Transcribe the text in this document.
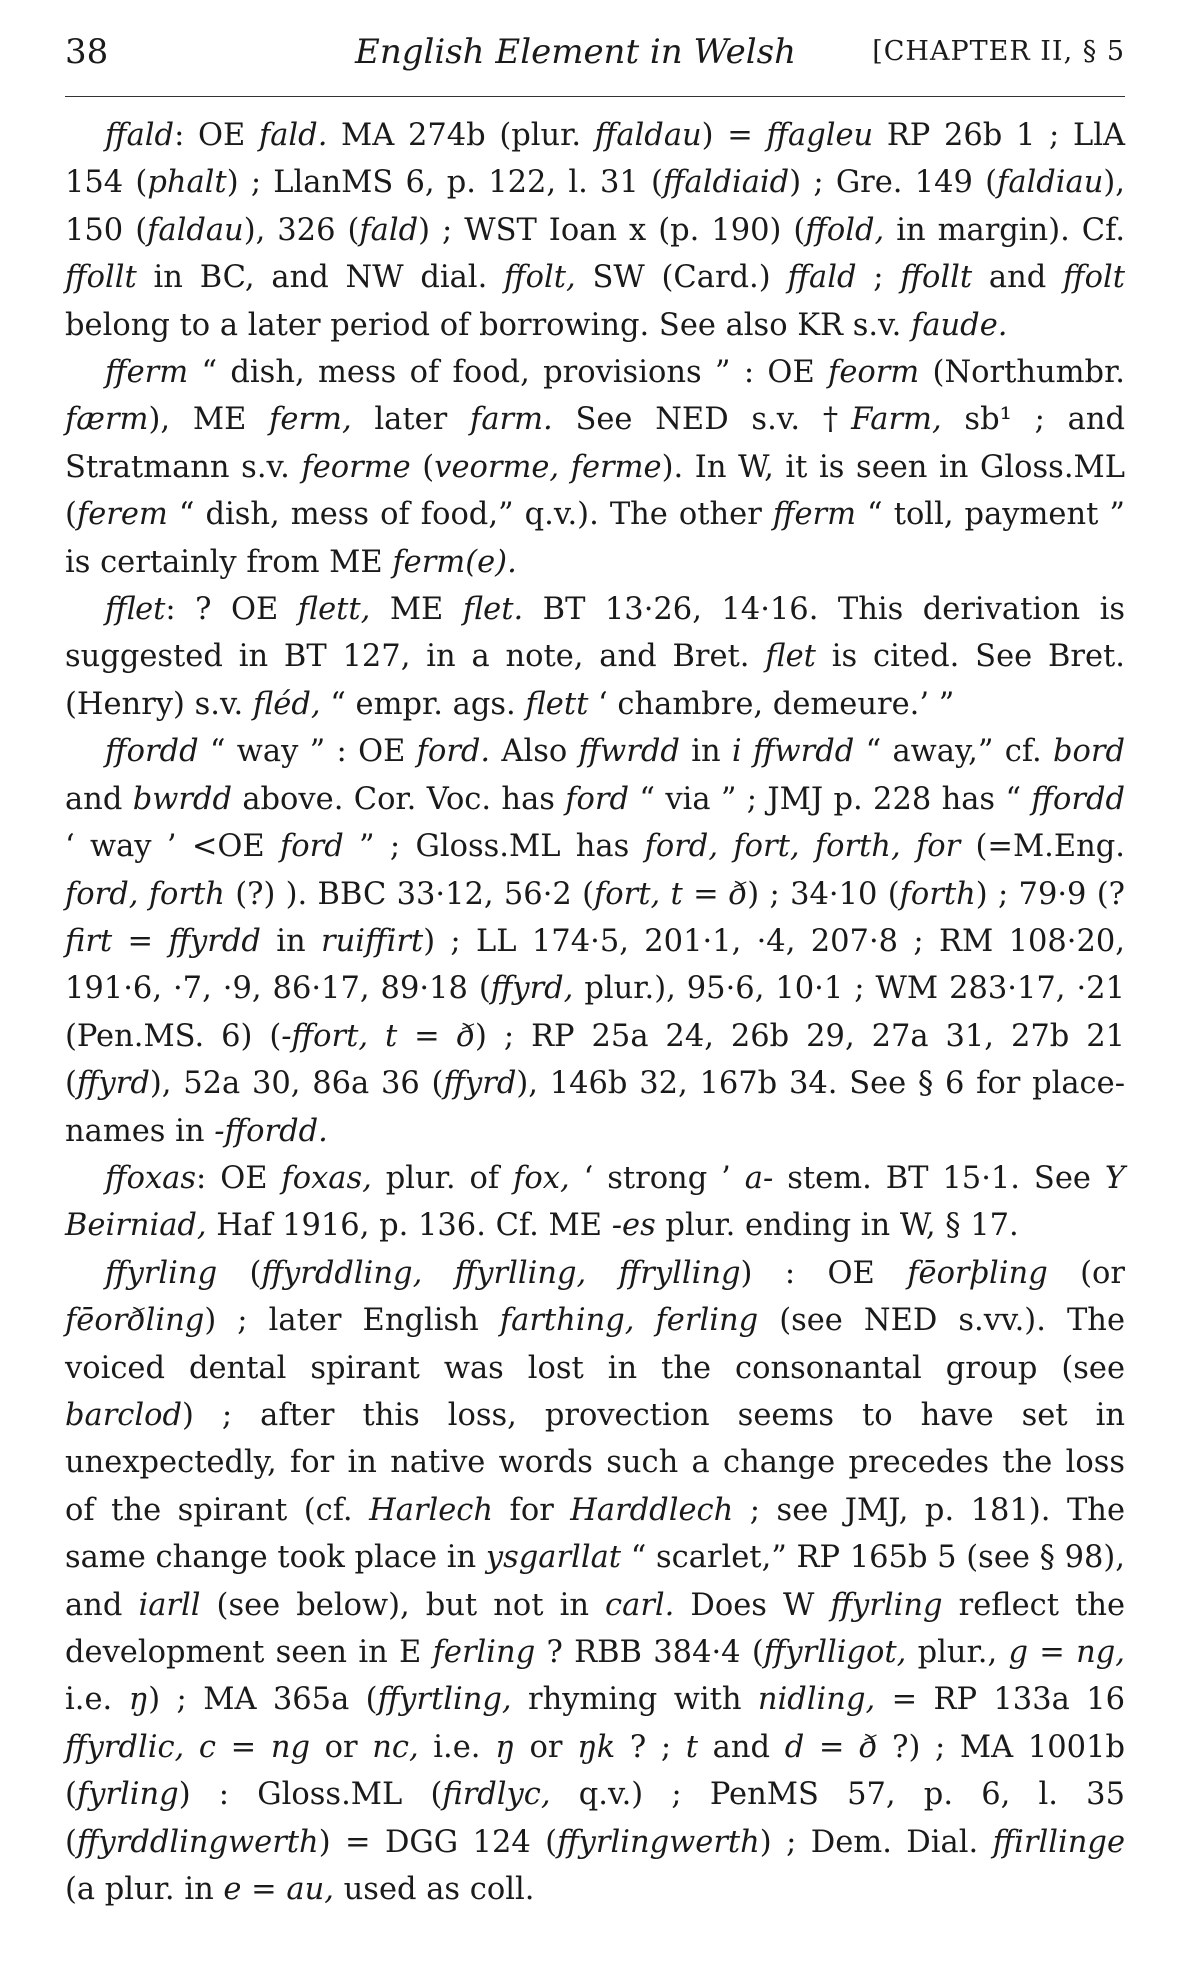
38	English Element in Welsh	[CHAPTER II, § 5

ffald: OE fald. MA 274b (plur. ffaldau) = ffagleu RP 26b 1 ; LlA 154 (phalt) ; LlanMS 6, p. 122, l. 31 (ffaldiaid) ; Gre. 149 (faldiau), 150 (faldau), 326 (fald) ; WST Ioan x (p. 190) (ffold, in margin). Cf. ffollt in BC, and NW dial. ffolt, SW (Card.) ffald ; ffollt and ffolt belong to a later period of borrowing. See also KR s.v. faude.

fferm “ dish, mess of food, provisions ” : OE feorm (Northumbr. færm), ME ferm, later farm. See NED s.v. †Farm, sb¹ ; and Stratmann s.v. feorme (veorme, ferme). In W, it is seen in Gloss.ML (ferem “ dish, mess of food,” q.v.). The other fferm “ toll, payment ” is certainly from ME ferm(e).

fflet: ? OE flett, ME flet. BT 13·26, 14·16. This derivation is suggested in BT 127, in a note, and Bret. flet is cited. See Bret. (Henry) s.v. fléd, “ empr. ags. flett ‘ chambre, demeure.’ ”

ffordd “ way ” : OE ford. Also ffwrdd in i ffwrdd “ away,” cf. bord and bwrdd above. Cor. Voc. has ford “ via ” ; JMJ p. 228 has “ ffordd ‘ way ’ <OE ford ” ; Gloss.ML has ford, fort, forth, for (=M.Eng. ford, forth (?) ). BBC 33·12, 56·2 (fort, t = ð) ; 34·10 (forth) ; 79·9 (? firt = ffyrdd in ruiffirt) ; LL 174·5, 201·1, ·4, 207·8 ; RM 108·20, 191·6, ·7, ·9, 86·17, 89·18 (ffyrd, plur.), 95·6, 10·1 ; WM 283·17, ·21 (Pen.MS. 6) (-ffort, t = ð) ; RP 25a 24, 26b 29, 27a 31, 27b 21 (ffyrd), 52a 30, 86a 36 (ffyrd), 146b 32, 167b 34. See § 6 for place-names in -ffordd.

ffoxas: OE foxas, plur. of fox, ‘ strong ’ a- stem. BT 15·1. See Y Beirniad, Haf 1916, p. 136. Cf. ME -es plur. ending in W, § 17.

ffyrling (ffyrddling, ffyrlling, ffrylling) : OE fēorþling (or fēorðling) ; later English farthing, ferling (see NED s.vv.). The voiced dental spirant was lost in the consonantal group (see barclod) ; after this loss, provection seems to have set in unexpectedly, for in native words such a change precedes the loss of the spirant (cf. Harlech for Harddlech ; see JMJ, p. 181). The same change took place in ysgarllat “ scarlet,” RP 165b 5 (see § 98), and iarll (see below), but not in carl. Does W ffyrling reflect the development seen in E ferling ? RBB 384·4 (ffyrlligot, plur., g = ng, i.e. ŋ) ; MA 365a (ffyrtling, rhyming with nidling, = RP 133a 16 ffyrdlic, c = ng or nc, i.e. ŋ or ŋk ? ; t and d = ð ?) ; MA 1001b (fyrling) : Gloss.ML (firdlyc, q.v.) ; PenMS 57, p. 6, l. 35 (ffyrddlingwerth) = DGG 124 (ffyrlingwerth) ; Dem. Dial. ffirllinge (a plur. in e = au, used as coll.
